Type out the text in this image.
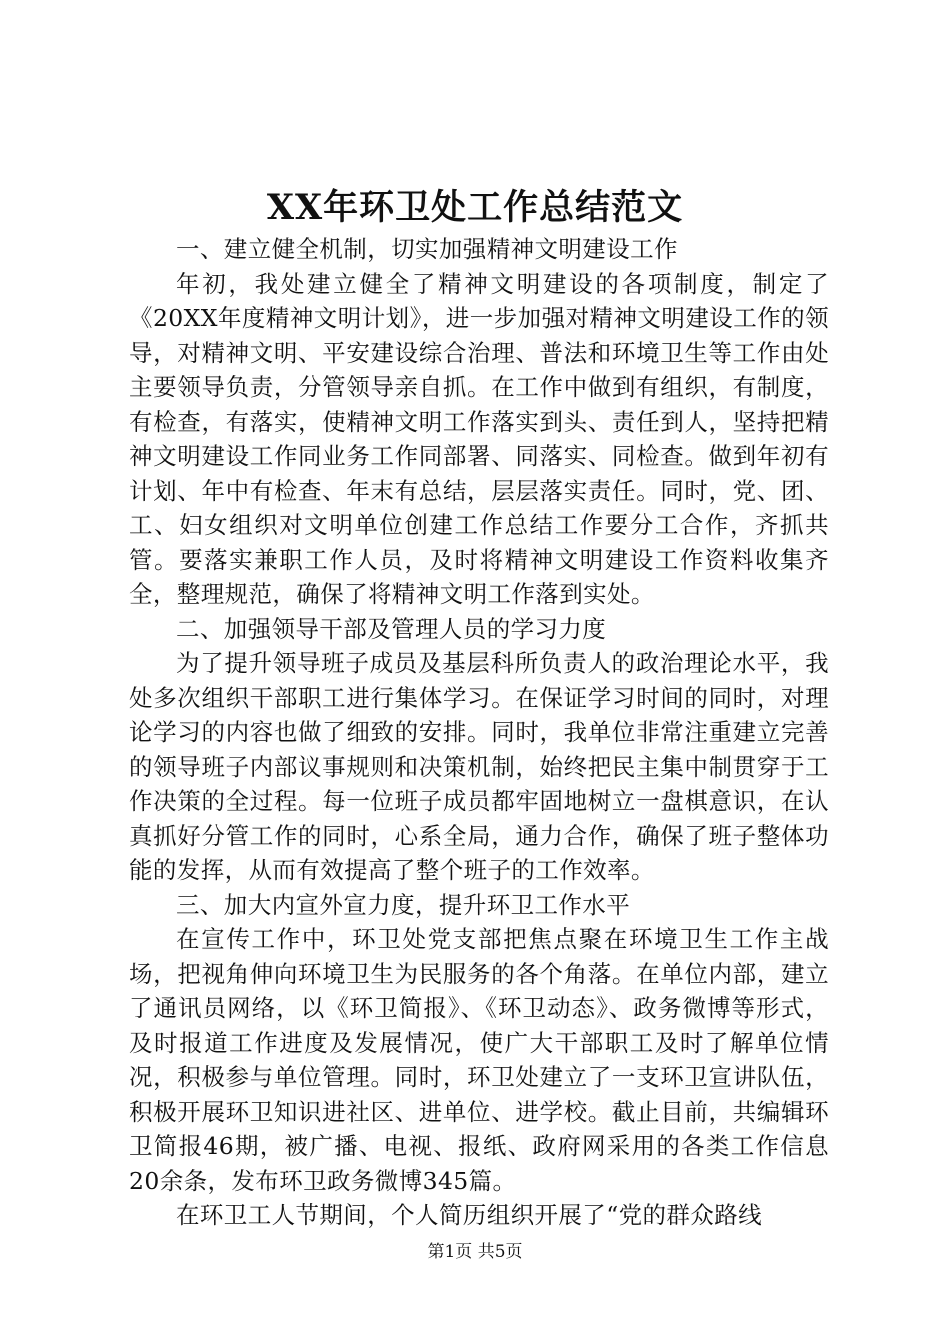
XX年环卫处工作总结范文

一、建立健全机制，切实加强精神文明建设工作

年初，我处建立健全了精神文明建设的各项制度，制定了《20XX年度精神文明计划》，进一步加强对精神文明建设工作的领导，对精神文明、平安建设综合治理、普法和环境卫生等工作由处主要领导负责，分管领导亲自抓。在工作中做到有组织，有制度，有检查，有落实，使精神文明工作落实到头、责任到人，坚持把精神文明建设工作同业务工作同部署、同落实、同检查。做到年初有计划、年中有检查、年末有总结，层层落实责任。同时，党、团、工、妇女组织对文明单位创建工作总结工作要分工合作，齐抓共管。要落实兼职工作人员，及时将精神文明建设工作资料收集齐全，整理规范，确保了将精神文明工作落到实处。

二、加强领导干部及管理人员的学习力度

为了提升领导班子成员及基层科所负责人的政治理论水平，我处多次组织干部职工进行集体学习。在保证学习时间的同时，对理论学习的内容也做了细致的安排。同时，我单位非常注重建立完善的领导班子内部议事规则和决策机制，始终把民主集中制贯穿于工作决策的全过程。每一位班子成员都牢固地树立一盘棋意识，在认真抓好分管工作的同时，心系全局，通力合作，确保了班子整体功能的发挥，从而有效提高了整个班子的工作效率。

三、加大内宣外宣力度，提升环卫工作水平

在宣传工作中，环卫处党支部把焦点聚在环境卫生工作主战场，把视角伸向环境卫生为民服务的各个角落。在单位内部，建立了通讯员网络，以《环卫简报》、《环卫动态》、政务微博等形式，及时报道工作进度及发展情况，使广大干部职工及时了解单位情况，积极参与单位管理。同时，环卫处建立了一支环卫宣讲队伍，积极开展环卫知识进社区、进单位、进学校。截止目前，共编辑环卫简报46期，被广播、电视、报纸、政府网采用的各类工作信息20余条，发布环卫政务微博345篇。

在环卫工人节期间，个人简历组织开展了“党的群众路线

第1页 共5页
